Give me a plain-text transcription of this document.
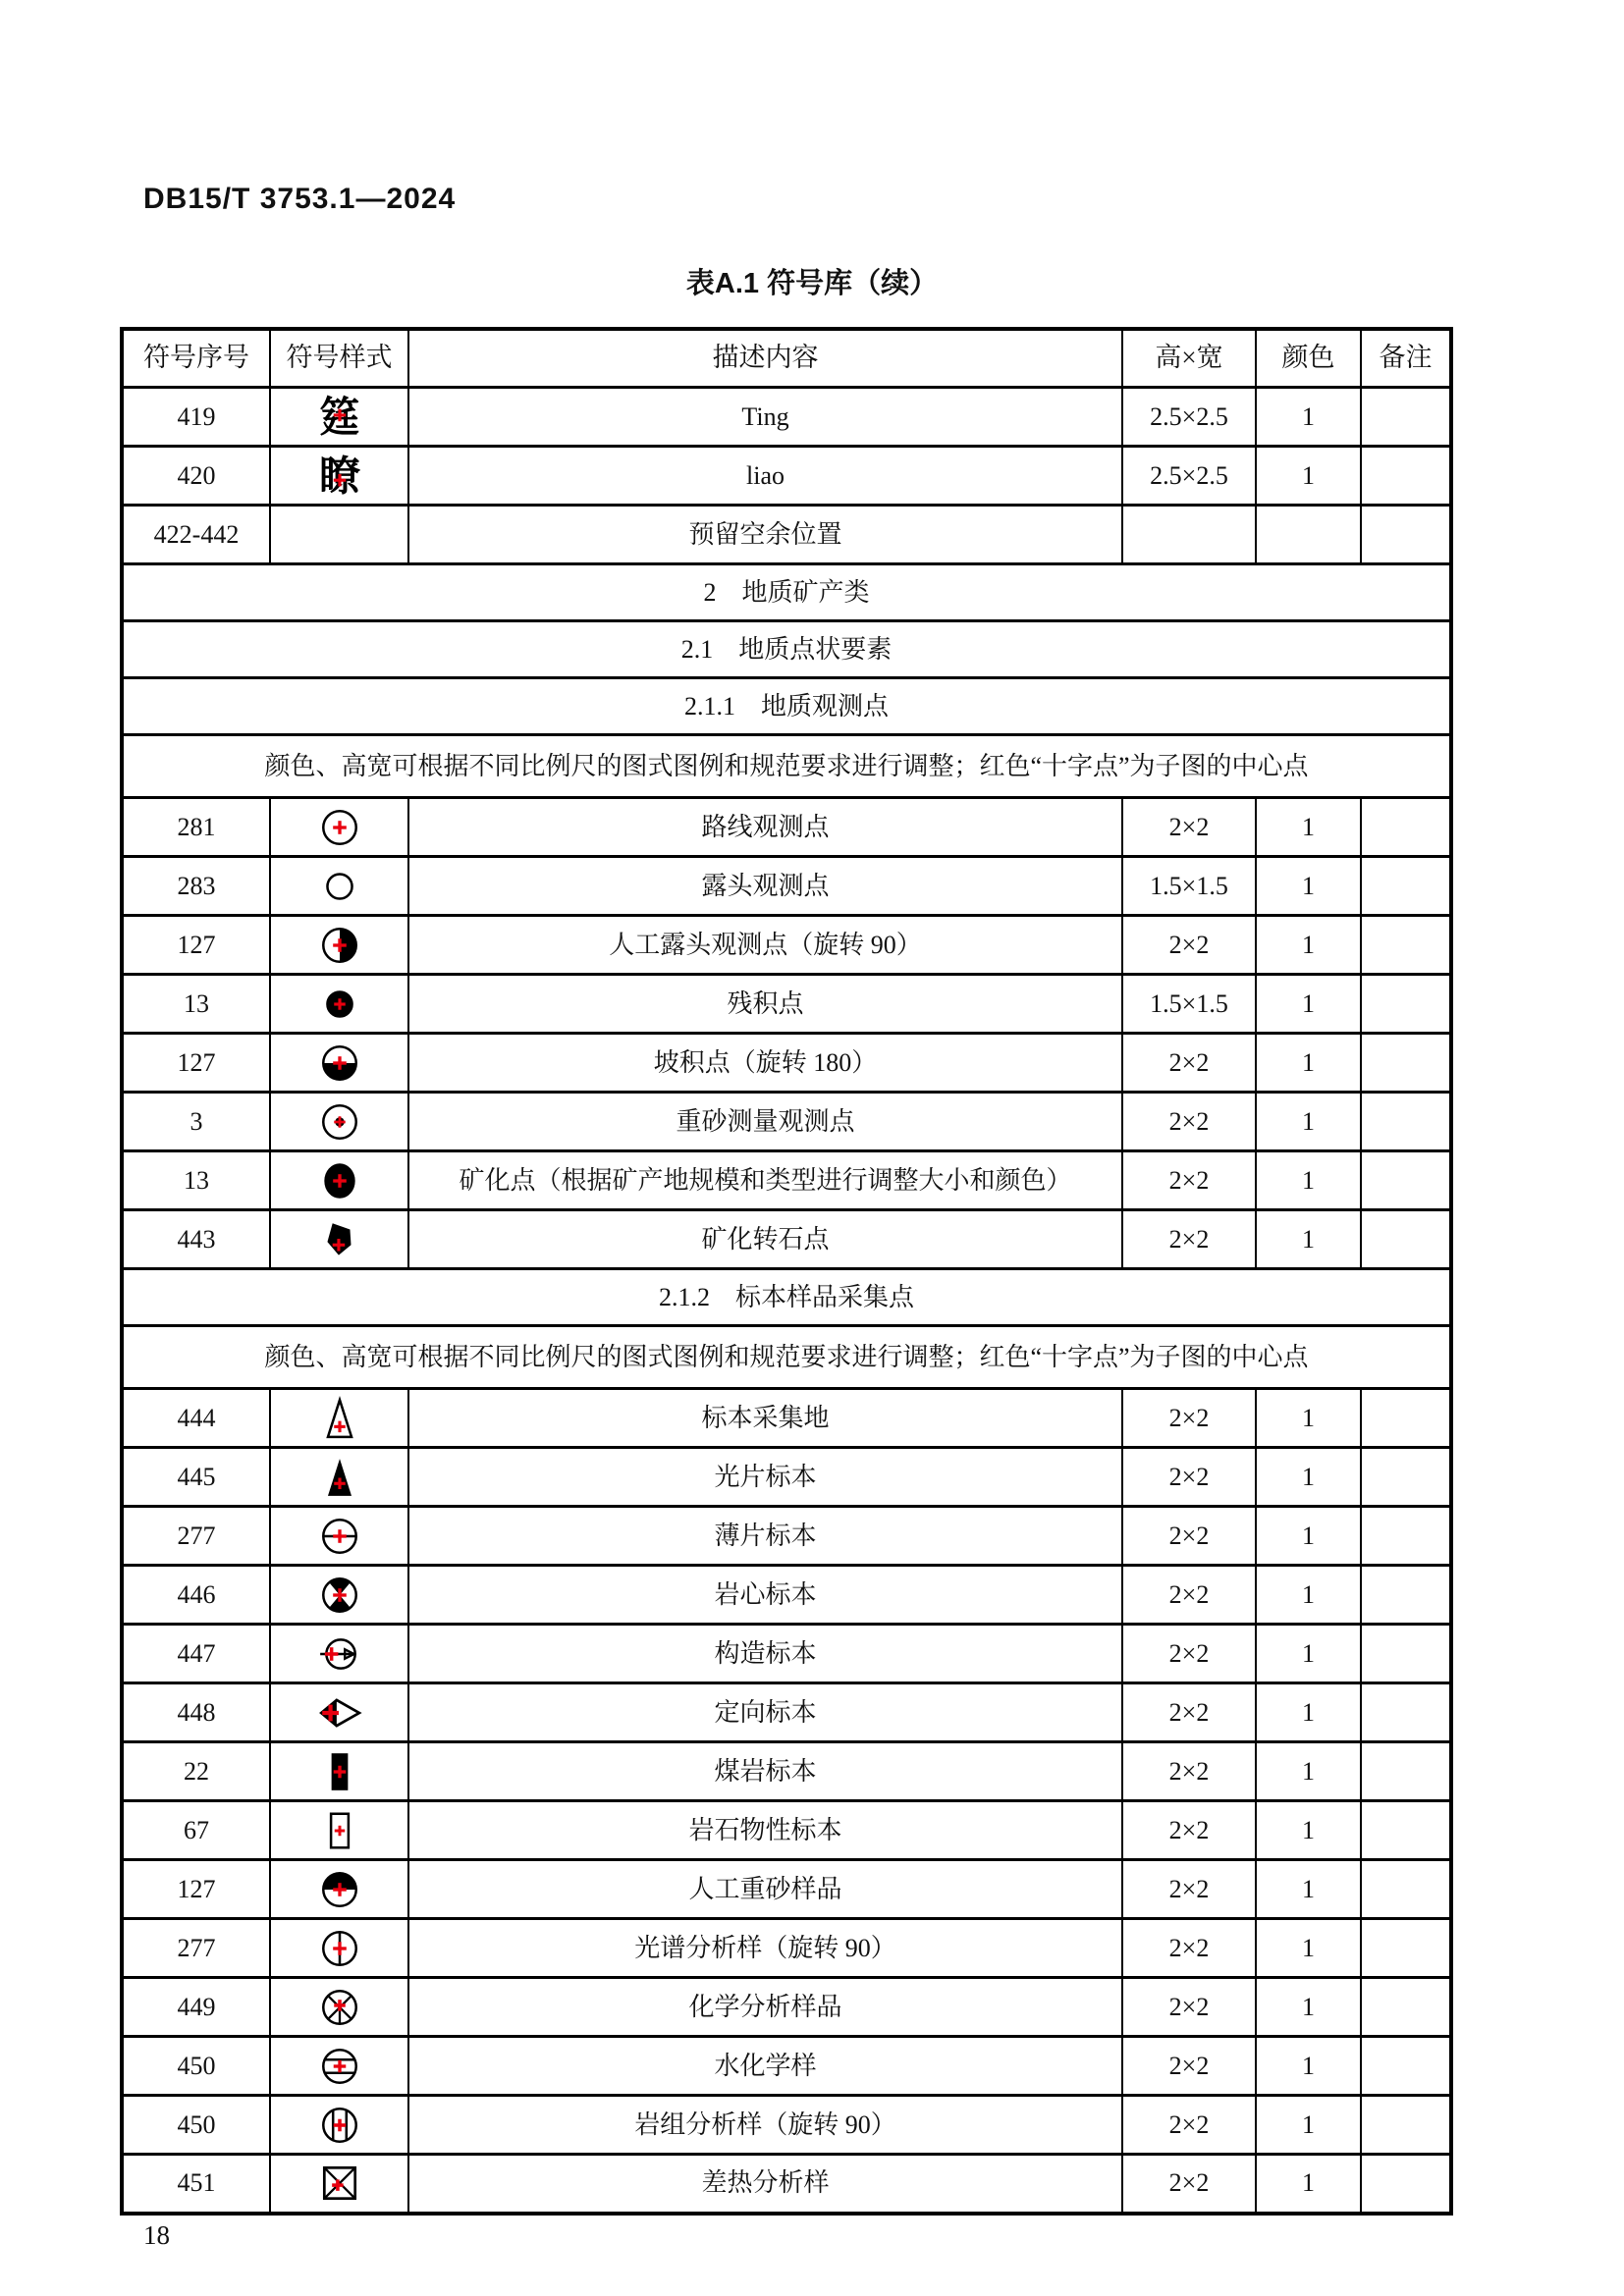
DB15/T 3753.1—2024
表A.1 符号库（续）
符号序号	符号样式	描述内容	高×宽	颜色	备注
419	筳	Ting	2.5×2.5	1	
420	瞭	liao	2.5×2.5	1	
422-442		预留空余位置			
2　地质矿产类					
2.1　地质点状要素					
2.1.1　地质观测点					
颜色、高宽可根据不同比例尺的图式图例和规范要求进行调整；红色“十字点”为子图的中心点					
281		路线观测点	2×2	1	
283		露头观测点	1.5×1.5	1	
127		人工露头观测点（旋转 90）	2×2	1	
13		残积点	1.5×1.5	1	
127		坡积点（旋转 180）	2×2	1	
3		重砂测量观测点	2×2	1	
13		矿化点（根据矿产地规模和类型进行调整大小和颜色）	2×2	1	
443		矿化转石点	2×2	1	
2.1.2　标本样品采集点					
颜色、高宽可根据不同比例尺的图式图例和规范要求进行调整；红色“十字点”为子图的中心点					
444		标本采集地	2×2	1	
445		光片标本	2×2	1	
277		薄片标本	2×2	1	
446		岩心标本	2×2	1	
447		构造标本	2×2	1	
448		定向标本	2×2	1	
22		煤岩标本	2×2	1	
67		岩石物性标本	2×2	1	
127		人工重砂样品	2×2	1	
277		光谱分析样（旋转 90）	2×2	1	
449		化学分析样品	2×2	1	
450		水化学样	2×2	1	
450		岩组分析样（旋转 90）	2×2	1	
451		差热分析样	2×2	1	
18
